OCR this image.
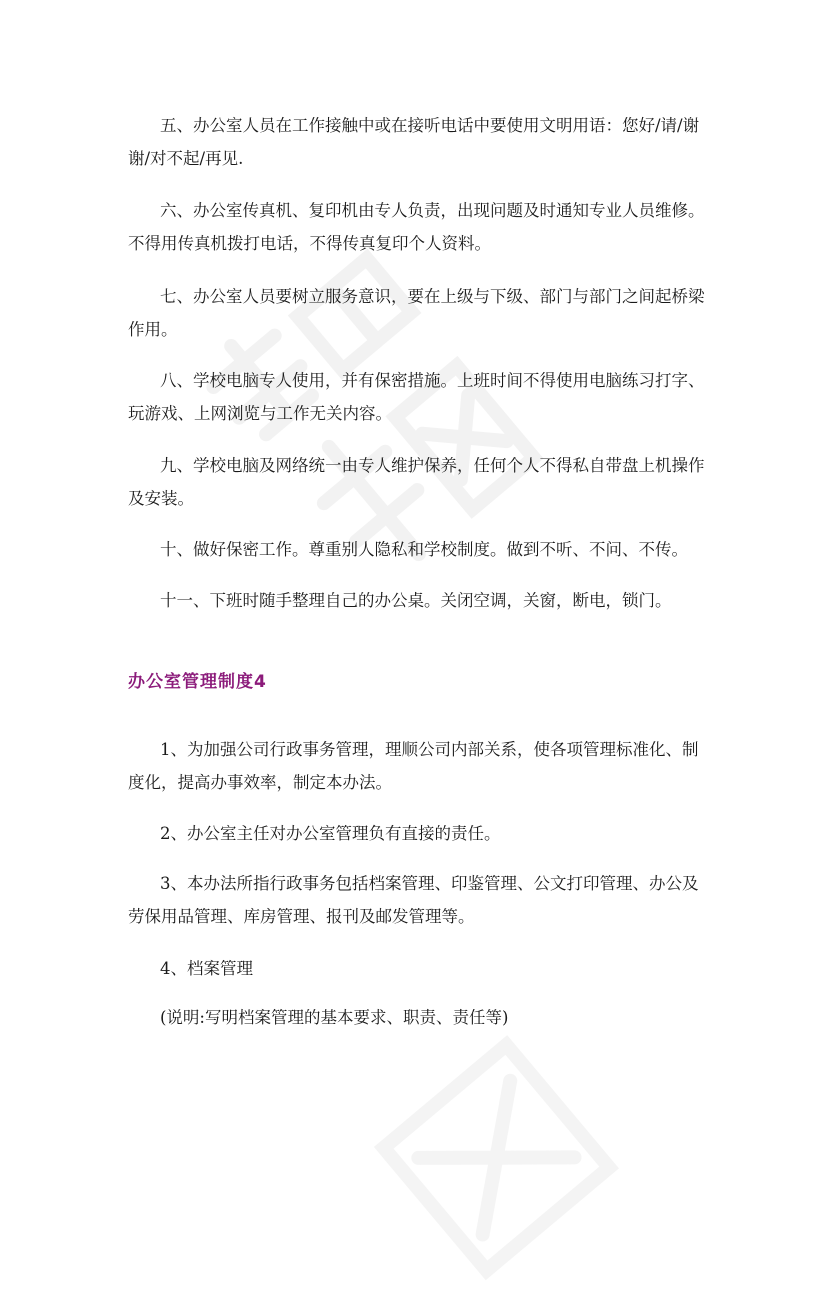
五、办公室人员在工作接触中或在接听电话中要使用文明用语：您好/请/谢谢/对不起/再见.

六、办公室传真机、复印机由专人负责，出现问题及时通知专业人员维修。不得用传真机拨打电话，不得传真复印个人资料。

七、办公室人员要树立服务意识，要在上级与下级、部门与部门之间起桥梁作用。

八、学校电脑专人使用，并有保密措施。上班时间不得使用电脑练习打字、玩游戏、上网浏览与工作无关内容。

九、学校电脑及网络统一由专人维护保养，任何个人不得私自带盘上机操作及安装。

十、做好保密工作。尊重别人隐私和学校制度。做到不听、不问、不传。

十一、下班时随手整理自己的办公桌。关闭空调，关窗，断电，锁门。

办公室管理制度4

1、为加强公司行政事务管理，理顺公司内部关系，使各项管理标准化、制度化，提高办事效率，制定本办法。

2、办公室主任对办公室管理负有直接的责任。

3、本办法所指行政事务包括档案管理、印鉴管理、公文打印管理、办公及劳保用品管理、库房管理、报刊及邮发管理等。

4、档案管理

(说明:写明档案管理的基本要求、职责、责任等)
